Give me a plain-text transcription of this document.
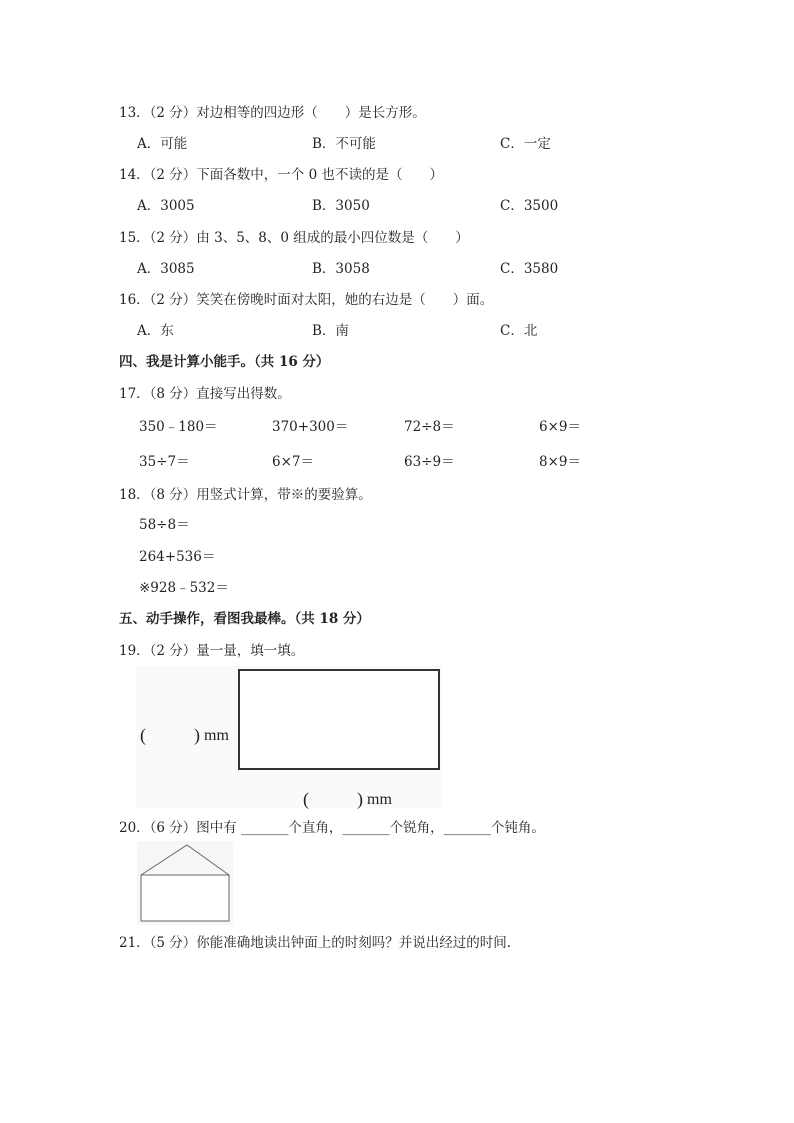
13．（2 分）对边相等的四边形（　　）是长方形。
A．可能	B．不可能	C．一定
14．（2 分）下面各数中，一个 0 也不读的是（　　）
A．3005	B．3050	C．3500
15．（2 分）由 3、5、8、0 组成的最小四位数是（　　）
A．3085	B．3058	C．3580
16．（2 分）笑笑在傍晚时面对太阳，她的右边是（　　）面。
A．东	B．南	C．北
四、我是计算小能手。（共 16 分）
17．（8 分）直接写出得数。
350﹣180＝	370+300＝	72÷8＝	6×9＝
35÷7＝	6×7＝	63÷9＝	8×9＝
18．（8 分）用竖式计算，带※的要验算。
58÷8＝
264+536＝
※928﹣532＝
五、动手操作，看图我最棒。（共 18 分）
19．（2 分）量一量，填一填。
(	) mm
(	) mm
20．（6 分）图中有 _______个直角，_______个锐角，_______个钝角。
21．（5 分）你能准确地读出钟面上的时刻吗？并说出经过的时间.
